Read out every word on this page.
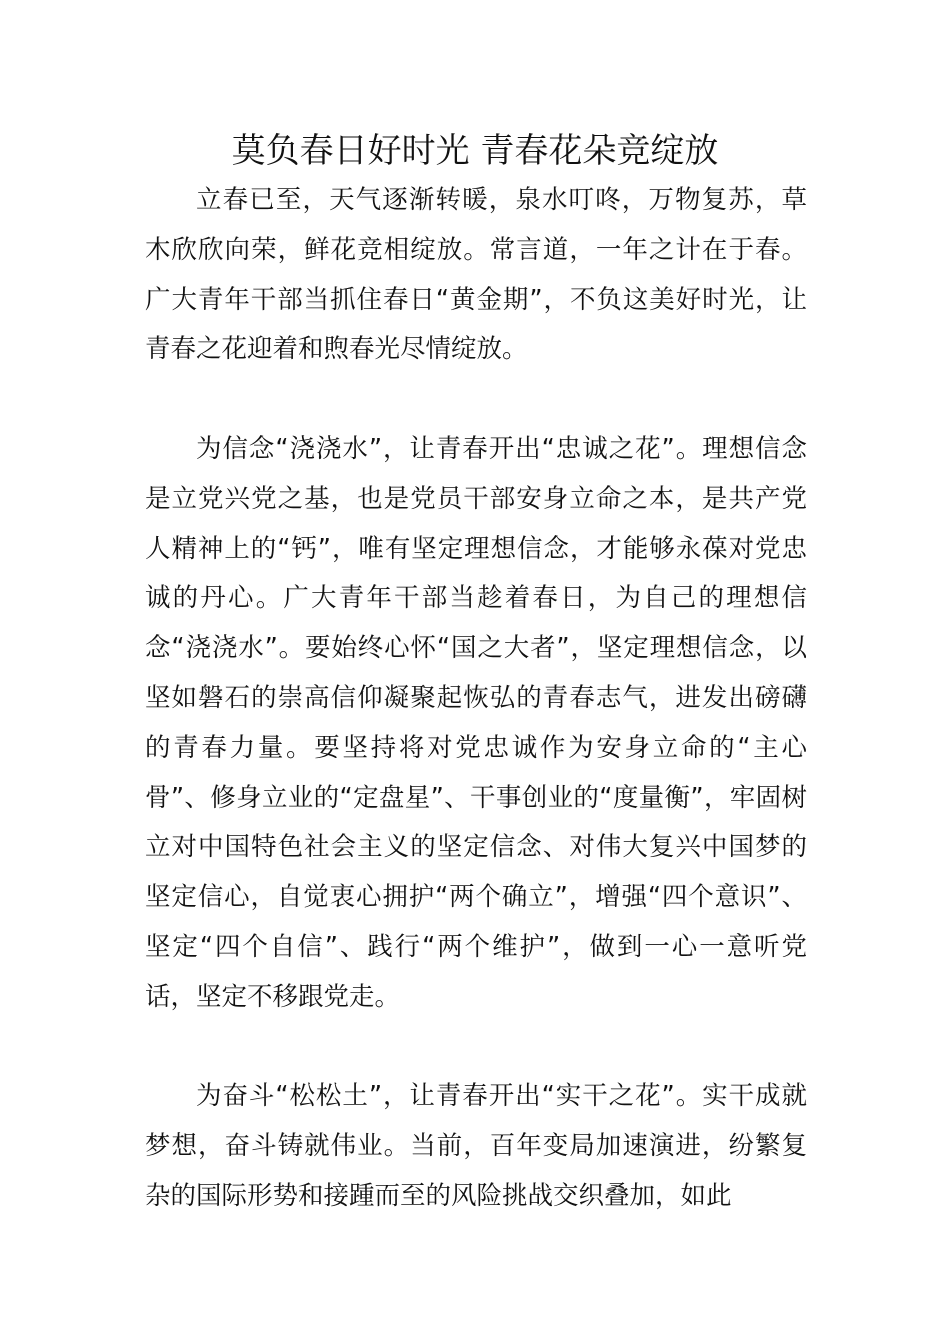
莫负春日好时光 青春花朵竞绽放

立春已至，天气逐渐转暖，泉水叮咚，万物复苏，草木欣欣向荣，鲜花竞相绽放。常言道，一年之计在于春。广大青年干部当抓住春日“黄金期”，不负这美好时光，让青春之花迎着和煦春光尽情绽放。

为信念“浇浇水”，让青春开出“忠诚之花”。理想信念是立党兴党之基，也是党员干部安身立命之本，是共产党人精神上的“钙”，唯有坚定理想信念，才能够永葆对党忠诚的丹心。广大青年干部当趁着春日，为自己的理想信念“浇浇水”。要始终心怀“国之大者”，坚定理想信念，以坚如磐石的崇高信仰凝聚起恢弘的青春志气，进发出磅礴的青春力量。要坚持将对党忠诚作为安身立命的“主心骨”、修身立业的“定盘星”、干事创业的“度量衡”，牢固树立对中国特色社会主义的坚定信念、对伟大复兴中国梦的坚定信心，自觉衷心拥护“两个确立”，增强“四个意识”、坚定“四个自信”、践行“两个维护”，做到一心一意听党话，坚定不移跟党走。

为奋斗“松松土”，让青春开出“实干之花”。实干成就梦想，奋斗铸就伟业。当前，百年变局加速演进，纷繁复杂的国际形势和接踵而至的风险挑战交织叠加，如此
